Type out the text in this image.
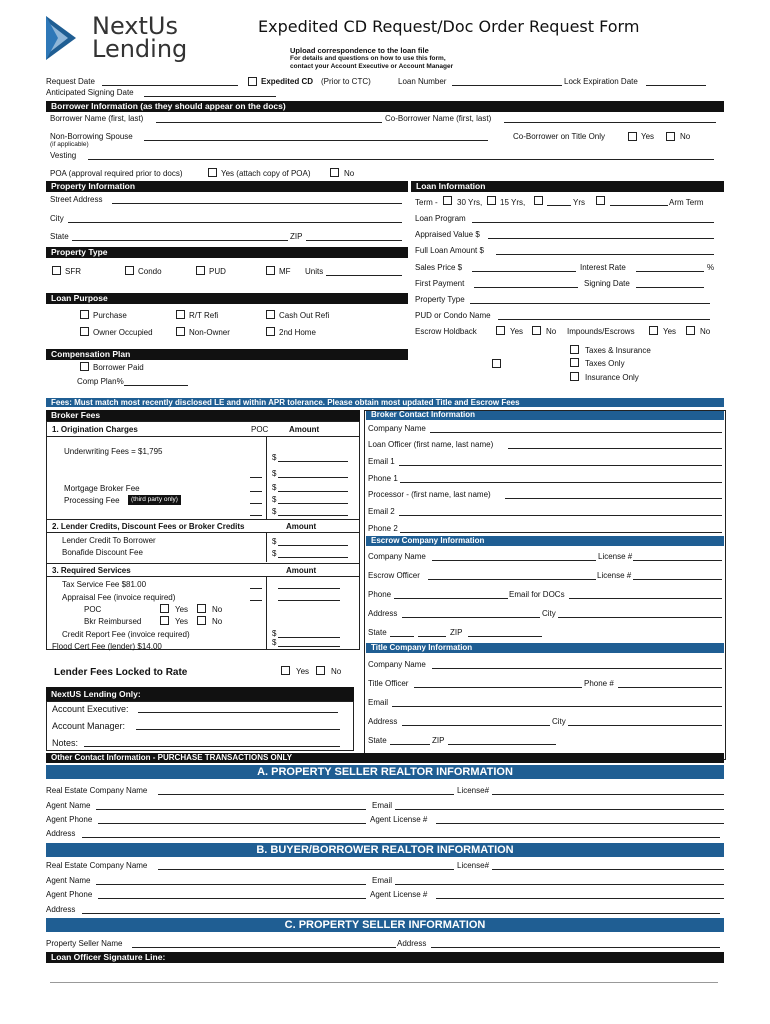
NextUs
Lending
Expedited CD Request/Doc Order Request Form
Upload correspondence to the loan file
For details and questions on how to use this form,
contact your Account Executive or Account Manager
Request Date	Expedited CD (Prior to CTC)	Loan Number	Lock Expiration Date
Anticipated Signing Date
Borrower Information (as they should appear on the docs)
Borrower Name (first, last)	Co-Borrower Name (first, last)
Non-Borrowing Spouse
(if applicable)
Co-Borrower on Title Only	Yes	No
Vesting
POA (approval required prior to docs)	Yes (attach copy of POA)	No
Property Information
Street Address
City
State	ZIP
Property Type
SFR	Condo	PUD	MF Units
Loan Purpose
Purchase	R/T Refi	Cash Out Refi
Owner Occupied	Non-Owner	2nd Home
Compensation Plan
Borrower Paid
Comp Plan%
Loan Information
Term - 30 Yrs, 15 Yrs,	Yrs	Arm Term
Loan Program
Appraised Value $
Full Loan Amount $
Sales Price $	Interest Rate	%
First Payment	Signing Date
Property Type
PUD or Condo Name
Escrow Holdback	Yes	No Impounds/Escrows	Yes	No
Taxes & Insurance
Taxes Only
Insurance Only
Fees: Must match most recently disclosed LE and within APR tolerance. Please obtain most updated Title and Escrow Fees
Broker Fees
1. Origination Charges	POC	Amount
Underwriting Fees = $1,795
$
$
Mortgage Broker Fee	$
Processing Fee	(third party only)	$
$
2. Lender Credits, Discount Fees or Broker Credits	Amount
Lender Credit To Borrower	$
Bonafide Discount Fee	$
3. Required Services	Amount
Tax Service Fee $81.00
Appraisal Fee (invoice required)
POC	Yes	No
Bkr Reimbursed	Yes	No
Credit Report Fee (invoice required)	$
Flood Cert Fee (lender) $14.00	$
Lender Fees Locked to Rate	Yes	No
NextUS Lending Only:
Account Executive:
Account Manager:
Notes:
Broker Contact Information
Company Name
Loan Officer (first name, last name)
Email 1
Phone 1
Processor - (first name, last name)
Email 2
Phone 2
Escrow Company Information
Company Name	License #
Escrow Officer	License #
Phone	Email for DOCs
Address	City
State	ZIP
Title Company Information
Company Name
Title Officer	Phone #
Email
Address	City
State	ZIP
Other Contact Information - PURCHASE TRANSACTIONS ONLY
A. PROPERTY SELLER REALTOR INFORMATION
Real Estate Company Name	License#
Agent Name	Email
Agent Phone	Agent License #
Address
B. BUYER/BORROWER REALTOR INFORMATION
Real Estate Company Name	License#
Agent Name	Email
Agent Phone	Agent License #
Address
C. PROPERTY SELLER INFORMATION
Property Seller Name	Address
Loan Officer Signature Line:
